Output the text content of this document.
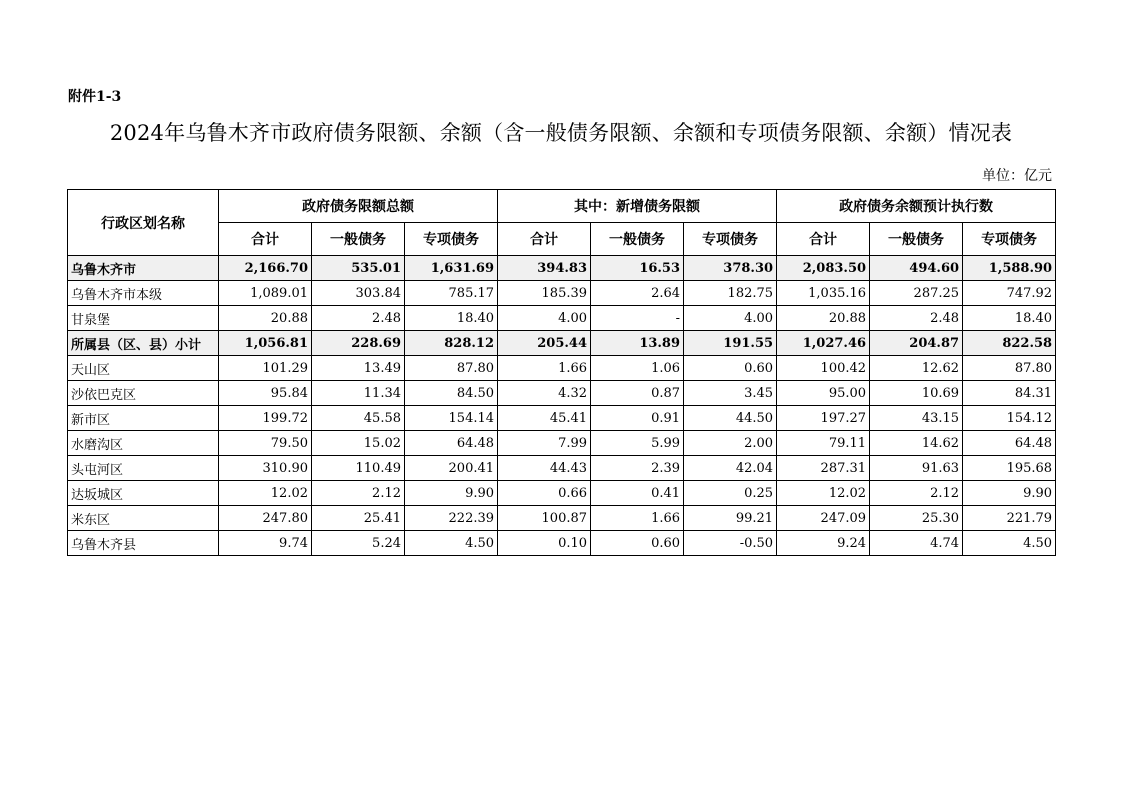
附件1-3
2024年乌鲁木齐市政府债务限额、余额（含一般债务限额、余额和专项债务限额、余额）情况表
单位：亿元
行政区划名称	政府债务限额总额			其中：新增债务限额			政府债务余额预计执行数		
	合计	一般债务	专项债务	合计	一般债务	专项债务	合计	一般债务	专项债务
乌鲁木齐市	2,166.70	535.01	1,631.69	394.83	16.53	378.30	2,083.50	494.60	1,588.90
乌鲁木齐市本级	1,089.01	303.84	785.17	185.39	2.64	182.75	1,035.16	287.25	747.92
甘泉堡	20.88	2.48	18.40	4.00	-	4.00	20.88	2.48	18.40
所属县（区、县）小计	1,056.81	228.69	828.12	205.44	13.89	191.55	1,027.46	204.87	822.58
天山区	101.29	13.49	87.80	1.66	1.06	0.60	100.42	12.62	87.80
沙依巴克区	95.84	11.34	84.50	4.32	0.87	3.45	95.00	10.69	84.31
新市区	199.72	45.58	154.14	45.41	0.91	44.50	197.27	43.15	154.12
水磨沟区	79.50	15.02	64.48	7.99	5.99	2.00	79.11	14.62	64.48
头屯河区	310.90	110.49	200.41	44.43	2.39	42.04	287.31	91.63	195.68
达坂城区	12.02	2.12	9.90	0.66	0.41	0.25	12.02	2.12	9.90
米东区	247.80	25.41	222.39	100.87	1.66	99.21	247.09	25.30	221.79
乌鲁木齐县	9.74	5.24	4.50	0.10	0.60	-0.50	9.24	4.74	4.50
